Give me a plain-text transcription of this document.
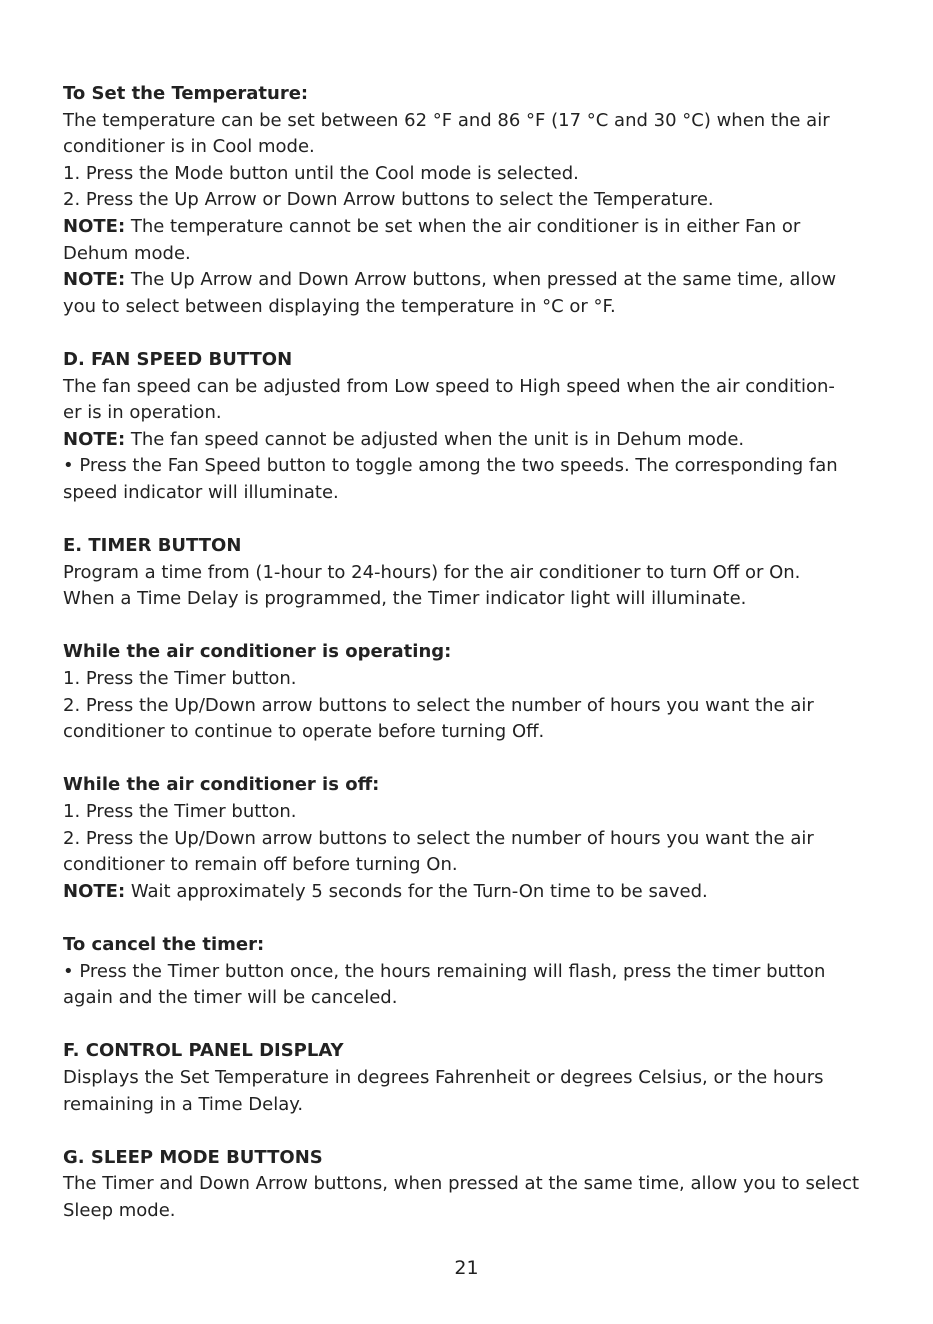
To Set the Temperature:
The temperature can be set between 62 °F and 86 °F (17 °C and 30 °C) when the air
conditioner is in Cool mode.
1. Press the Mode button until the Cool mode is selected.
2. Press the Up Arrow or Down Arrow buttons to select the Temperature.
NOTE: The temperature cannot be set when the air conditioner is in either Fan or
Dehum mode.
NOTE: The Up Arrow and Down Arrow buttons, when pressed at the same time, allow
you to select between displaying the temperature in °C or °F.
D. FAN SPEED BUTTON
The fan speed can be adjusted from Low speed to High speed when the air condition-
er is in operation.
NOTE: The fan speed cannot be adjusted when the unit is in Dehum mode.
• Press the Fan Speed button to toggle among the two speeds. The corresponding fan
speed indicator will illuminate.
E. TIMER BUTTON
Program a time from (1-hour to 24-hours) for the air conditioner to turn Off or On.
When a Time Delay is programmed, the Timer indicator light will illuminate.
While the air conditioner is operating:
1. Press the Timer button.
2. Press the Up/Down arrow buttons to select the number of hours you want the air
conditioner to continue to operate before turning Off.
While the air conditioner is off:
1. Press the Timer button.
2. Press the Up/Down arrow buttons to select the number of hours you want the air
conditioner to remain off before turning On.
NOTE: Wait approximately 5 seconds for the Turn-On time to be saved.
To cancel the timer:
• Press the Timer button once, the hours remaining will flash, press the timer button
again and the timer will be canceled.
F. CONTROL PANEL DISPLAY
Displays the Set Temperature in degrees Fahrenheit or degrees Celsius, or the hours
remaining in a Time Delay.
G. SLEEP MODE BUTTONS
The Timer and Down Arrow buttons, when pressed at the same time, allow you to select
Sleep mode.
21
